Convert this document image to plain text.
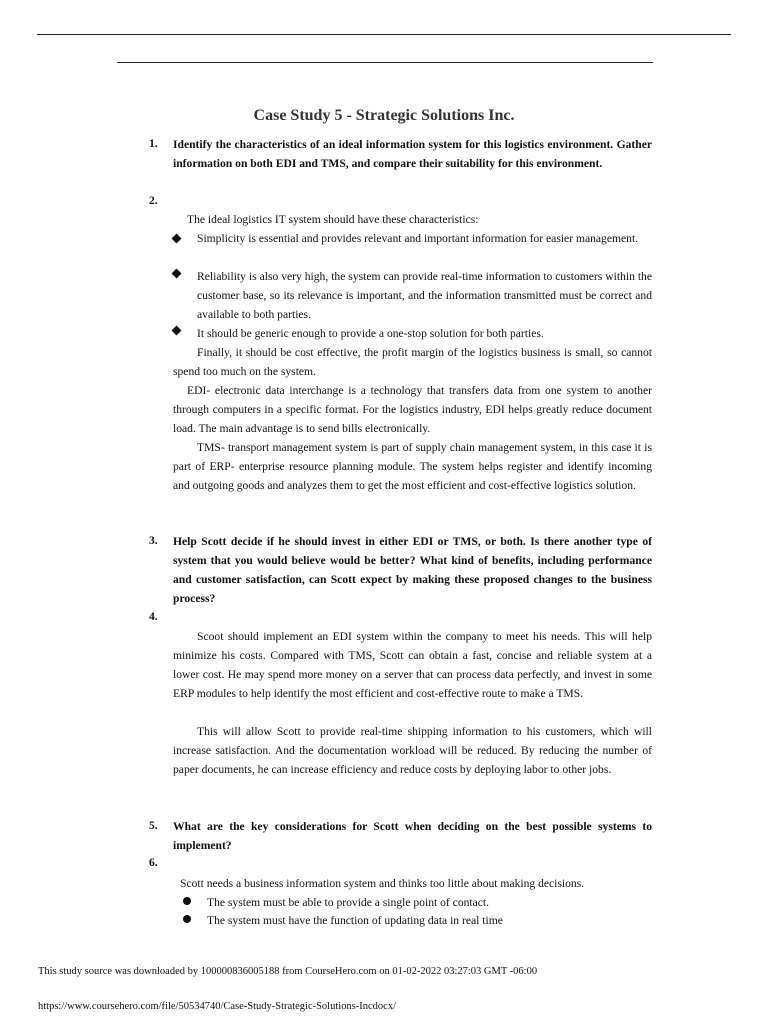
Case Study 5 - Strategic Solutions Inc.
1. Identify the characteristics of an ideal information system for this logistics environment. Gather information on both EDI and TMS, and compare their suitability for this environment.
2.
The ideal logistics IT system should have these characteristics:
Simplicity is essential and provides relevant and important information for easier management.
Reliability is also very high, the system can provide real-time information to customers within the customer base, so its relevance is important, and the information transmitted must be correct and available to both parties.
It should be generic enough to provide a one-stop solution for both parties.
Finally, it should be cost effective, the profit margin of the logistics business is small, so cannot spend too much on the system.
EDI- electronic data interchange is a technology that transfers data from one system to another through computers in a specific format. For the logistics industry, EDI helps greatly reduce document load. The main advantage is to send bills electronically.
TMS- transport management system is part of supply chain management system, in this case it is part of ERP- enterprise resource planning module. The system helps register and identify incoming and outgoing goods and analyzes them to get the most efficient and cost-effective logistics solution.
3. Help Scott decide if he should invest in either EDI or TMS, or both. Is there another type of system that you would believe would be better? What kind of benefits, including performance and customer satisfaction, can Scott expect by making these proposed changes to the business process?
4.
Scoot should implement an EDI system within the company to meet his needs. This will help minimize his costs. Compared with TMS, Scott can obtain a fast, concise and reliable system at a lower cost. He may spend more money on a server that can process data perfectly, and invest in some ERP modules to help identify the most efficient and cost-effective route to make a TMS.
This will allow Scott to provide real-time shipping information to his customers, which will increase satisfaction. And the documentation workload will be reduced. By reducing the number of paper documents, he can increase efficiency and reduce costs by deploying labor to other jobs.
5. What are the key considerations for Scott when deciding on the best possible systems to implement?
6.
Scott needs a business information system and thinks too little about making decisions.
The system must be able to provide a single point of contact.
The system must have the function of updating data in real time
This study source was downloaded by 100000836005188 from CourseHero.com on 01-02-2022 03:27:03 GMT -06:00
https://www.coursehero.com/file/50534740/Case-Study-Strategic-Solutions-Incdocx/
